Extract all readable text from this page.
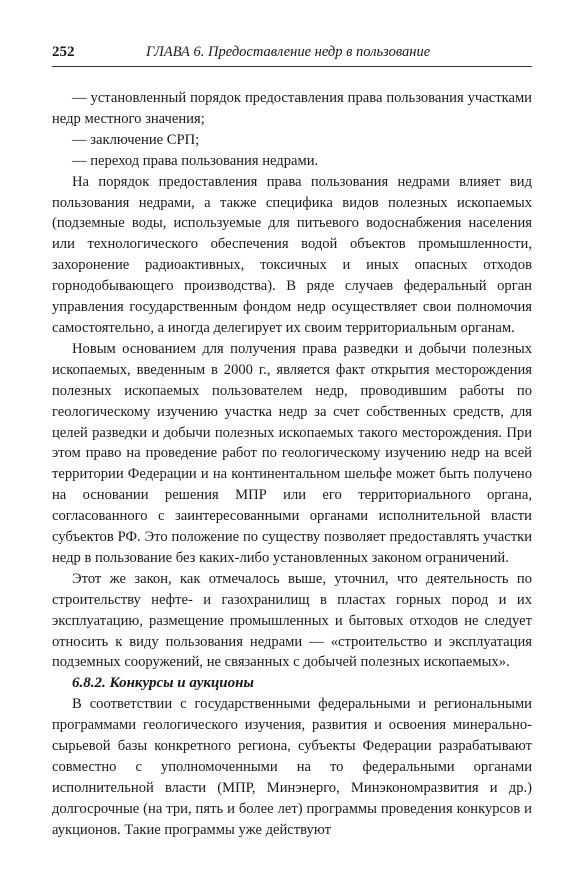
252	ГЛАВА 6. Предоставление недр в пользование

— установленный порядок предоставления права пользования участками недр местного значения;

— заключение СРП;

— переход права пользования недрами.

На порядок предоставления права пользования недрами влияет вид пользования недрами, а также специфика видов полезных ископаемых (подземные воды, используемые для питьевого водоснабжения населения или технологического обеспечения водой объектов промышленности, захоронение радиоактивных, токсичных и иных опасных отходов горнодобывающего производства). В ряде случаев федеральный орган управления государственным фондом недр осуществляет свои полномочия самостоятельно, а иногда делегирует их своим территориальным органам.

Новым основанием для получения права разведки и добычи полезных ископаемых, введенным в 2000 г., является факт открытия месторождения полезных ископаемых пользователем недр, проводившим работы по геологическому изучению участка недр за счет собственных средств, для целей разведки и добычи полезных ископаемых такого месторождения. При этом право на проведение работ по геологическому изучению недр на всей территории Федерации и на континентальном шельфе может быть получено на основании решения МПР или его территориального органа, согласованного с заинтересованными органами исполнительной власти субъектов РФ. Это положение по существу позволяет предоставлять участки недр в пользование без каких-либо установленных законом ограничений.

Этот же закон, как отмечалось выше, уточнил, что деятельность по строительству нефте- и газохранилищ в пластах горных пород и их эксплуатацию, размещение промышленных и бытовых отходов не следует относить к виду пользования недрами — «строительство и эксплуатация подземных сооружений, не связанных с добычей полезных ископаемых».

6.8.2. Конкурсы и аукционы

В соответствии с государственными федеральными и региональными программами геологического изучения, развития и освоения минерально-сырьевой базы конкретного региона, субъекты Федерации разрабатывают совместно с уполномоченными на то федеральными органами исполнительной власти (МПР, Минэнерго, Минэкономразвития и др.) долгосрочные (на три, пять и более лет) программы проведения конкурсов и аукционов. Такие программы уже действуют
